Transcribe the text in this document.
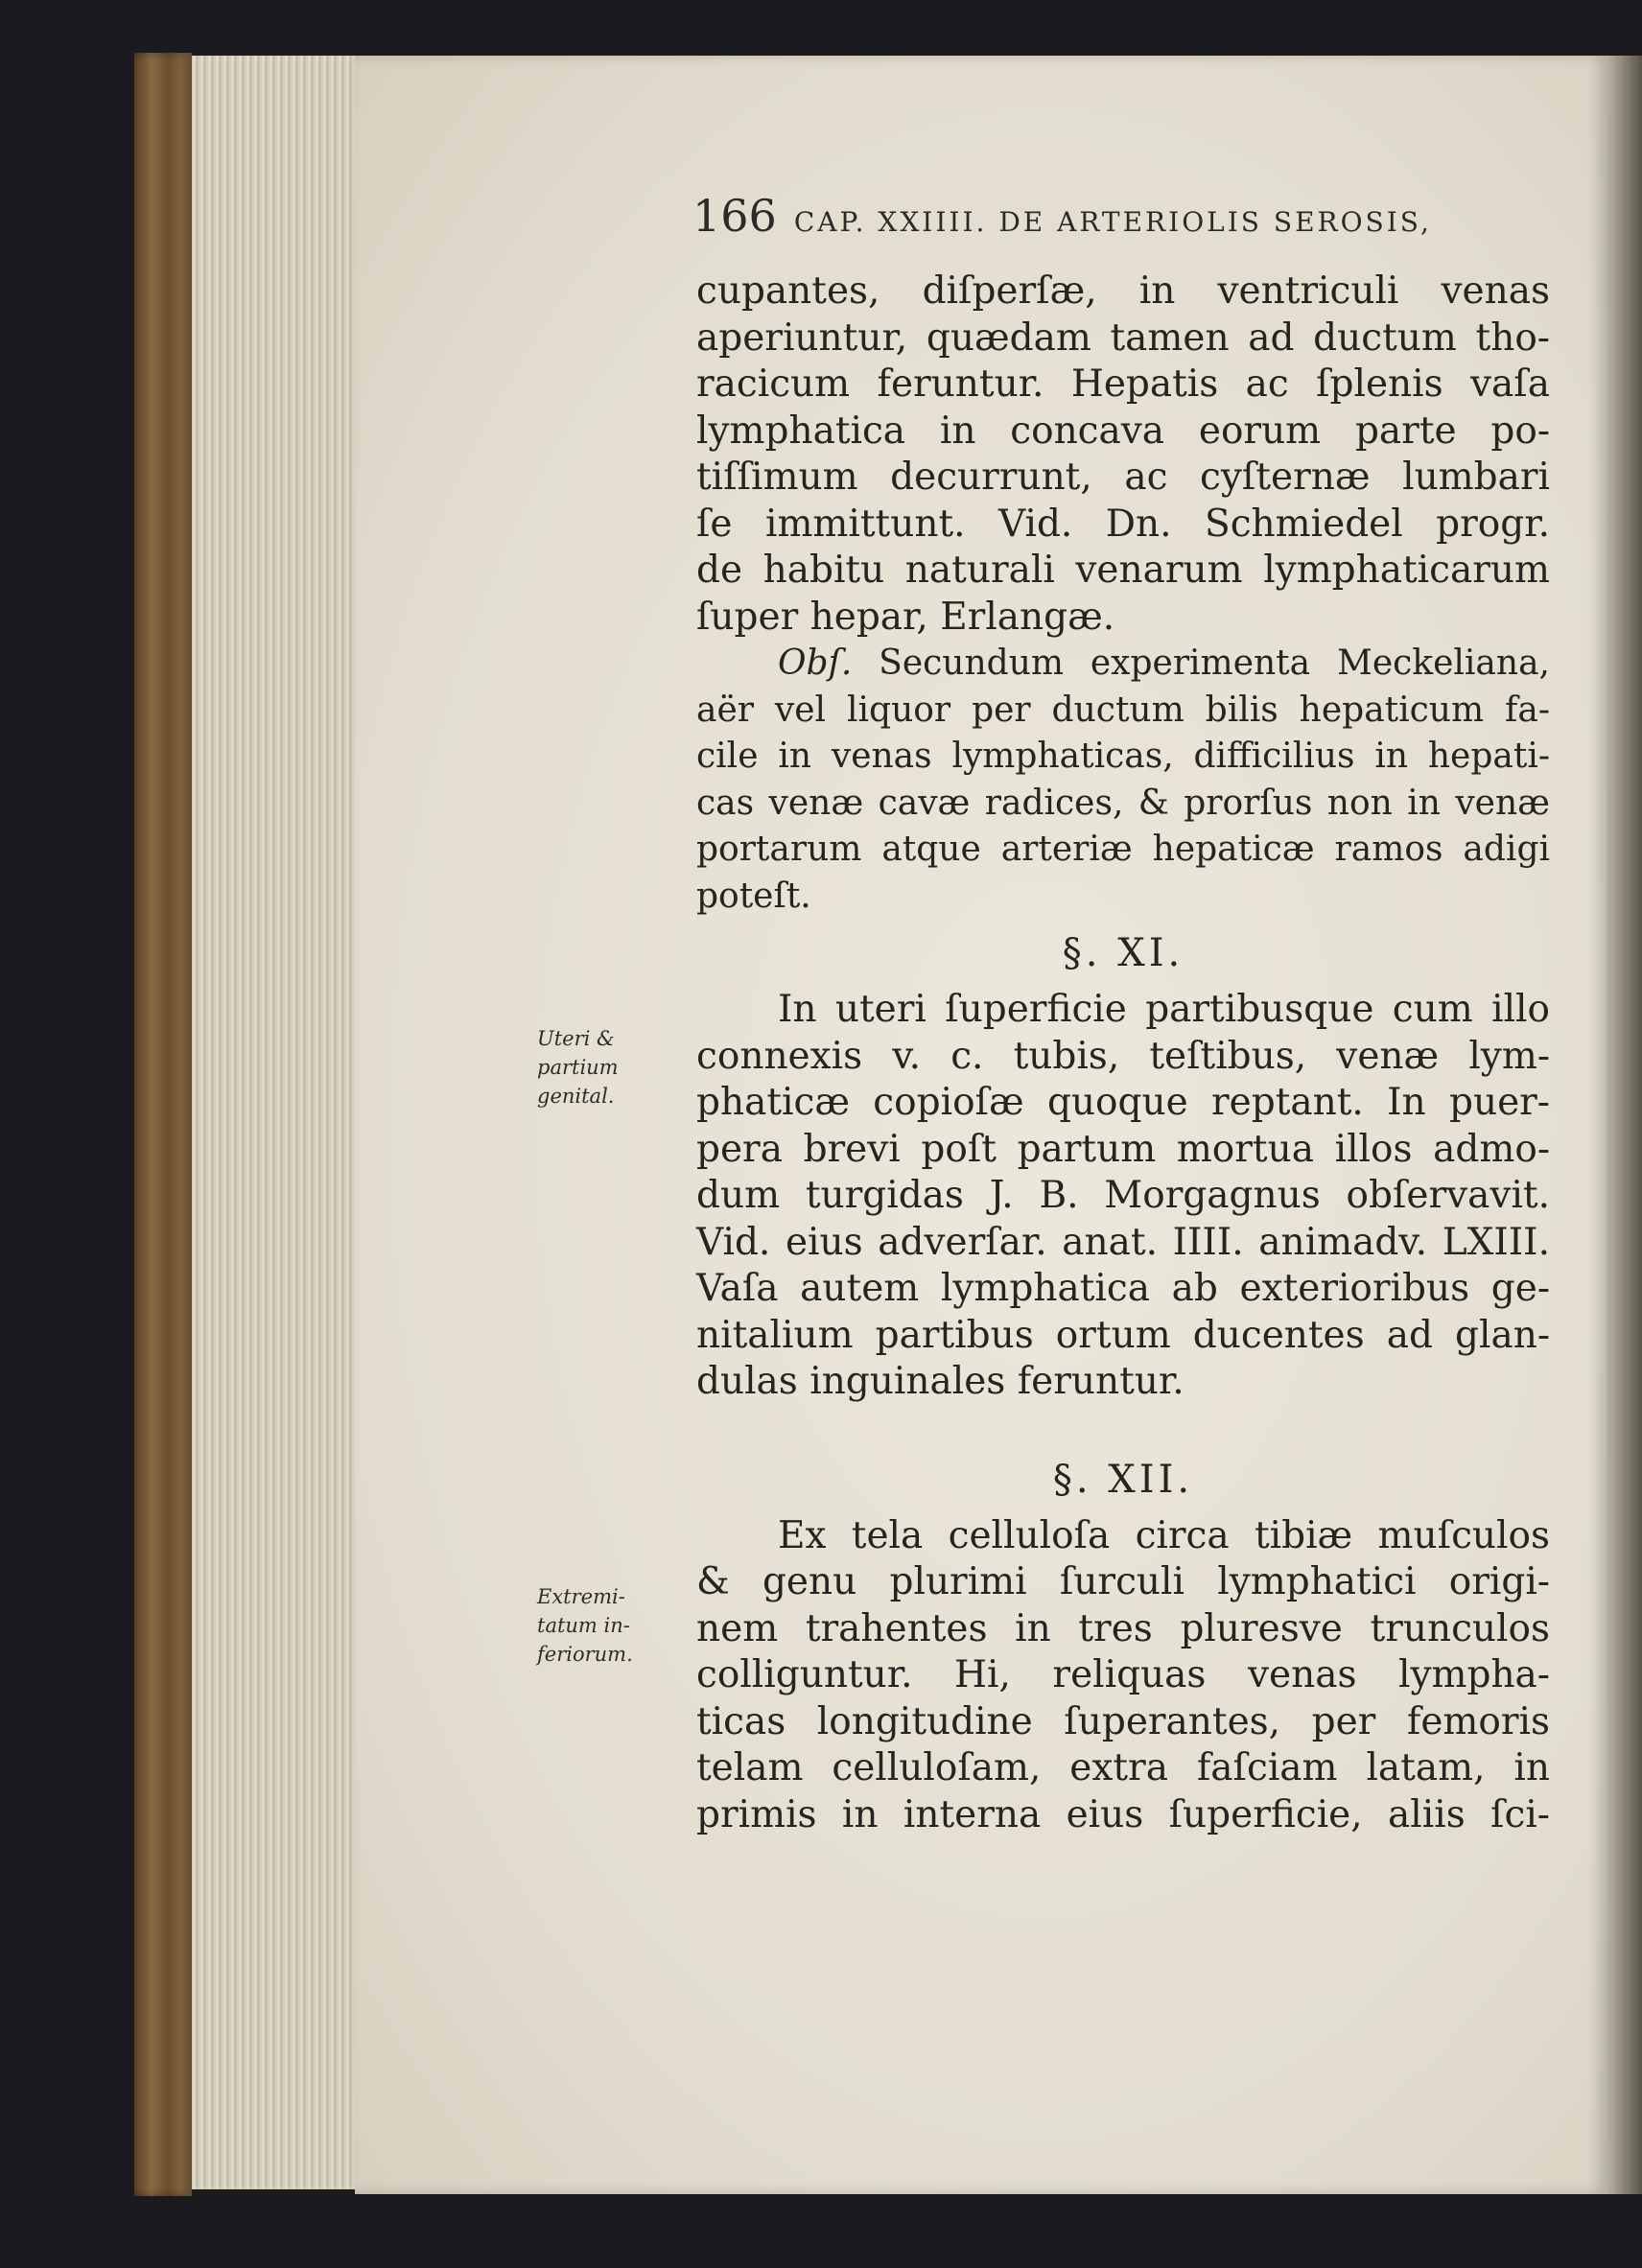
166 CAP. XXIIII. DE ARTERIOLIS SEROSIS,
Uteri &
partium
genital.
Extremi-
tatum in-
feriorum.
cupantes, diſperſæ, in ventriculi venas
aperiuntur, quædam tamen ad ductum tho-
racicum feruntur. Hepatis ac ſplenis vaſa
lymphatica in concava eorum parte po-
tiſſimum decurrunt, ac cyſternæ lumbari
ſe immittunt. Vid. Dn. Schmiedel progr.
de habitu naturali venarum lymphaticarum
ſuper hepar, Erlangæ.
Obſ. Secundum experimenta Meckeliana,
aër vel liquor per ductum bilis hepaticum fa-
cile in venas lymphaticas, difficilius in hepati-
cas venæ cavæ radices, & prorſus non in venæ
portarum atque arteriæ hepaticæ ramos adigi
poteſt.
§. XI.
In uteri ſuperficie partibusque cum illo
connexis v. c. tubis, teſtibus, venæ lym-
phaticæ copioſæ quoque reptant. In puer-
pera brevi poſt partum mortua illos admo-
dum turgidas J. B. Morgagnus obſervavit.
Vid. eius adverſar. anat. IIII. animadv. LXIII.
Vaſa autem lymphatica ab exterioribus ge-
nitalium partibus ortum ducentes ad glan-
dulas inguinales feruntur.
§. XII.
Ex tela celluloſa circa tibiæ muſculos
& genu plurimi ſurculi lymphatici origi-
nem trahentes in tres pluresve trunculos
colliguntur. Hi, reliquas venas lympha-
ticas longitudine ſuperantes, per femoris
telam celluloſam, extra faſciam latam, in
primis in interna eius ſuperficie, aliis ſci-
